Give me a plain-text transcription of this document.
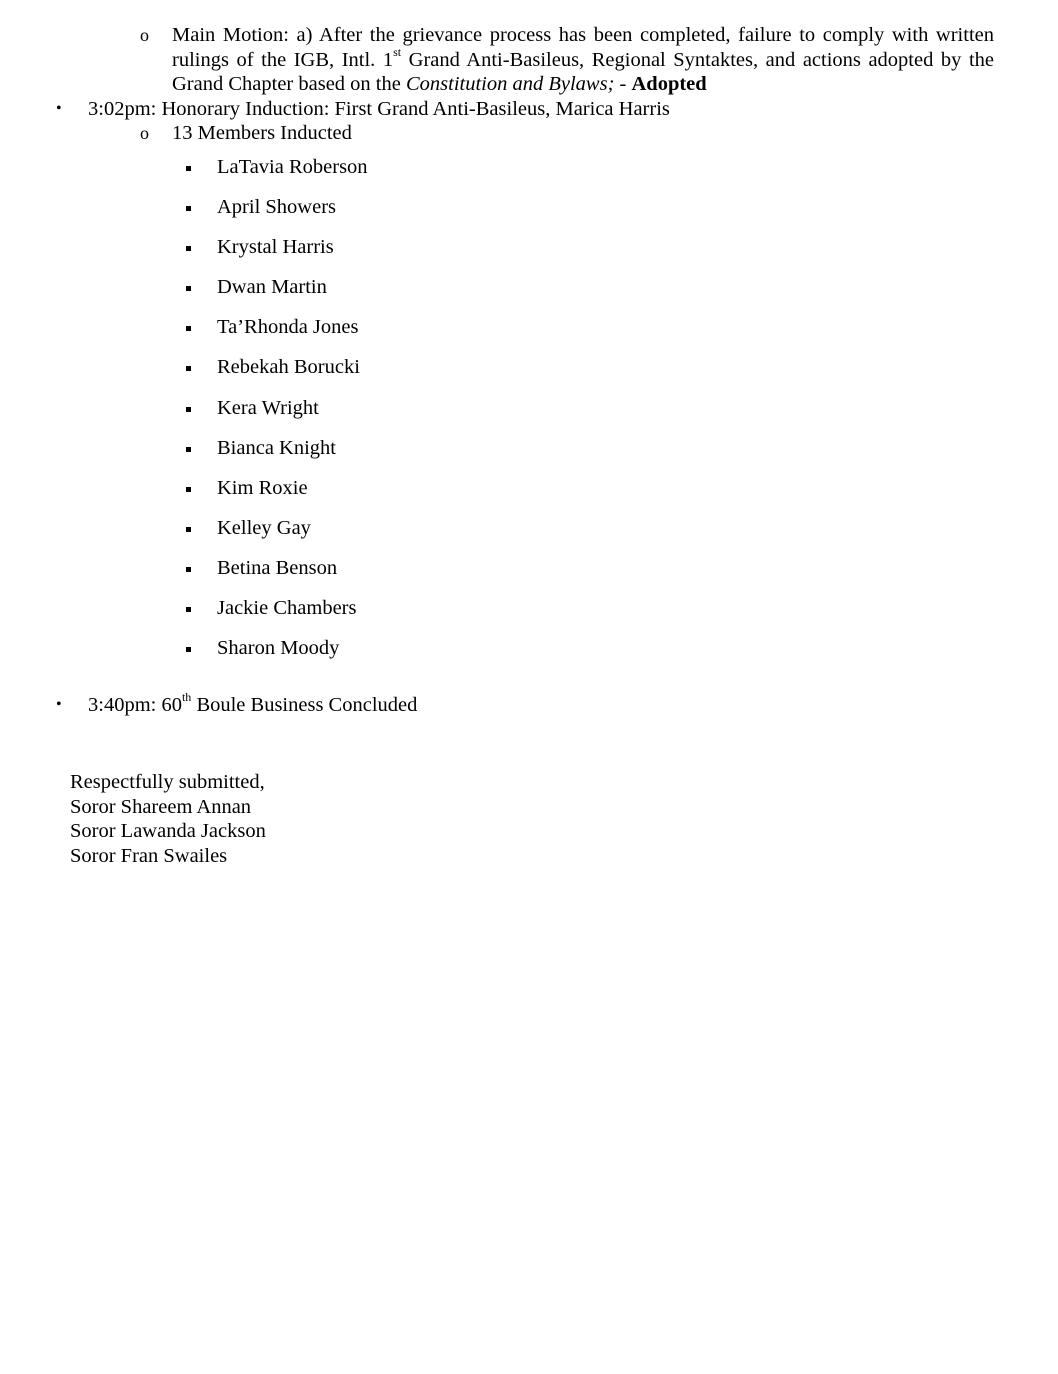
o Main Motion: a) After the grievance process has been completed, failure to comply with written rulings of the IGB, Intl. 1st Grand Anti-Basileus, Regional Syntaktes, and actions adopted by the Grand Chapter based on the Constitution and Bylaws; - Adopted
• 3:02pm: Honorary Induction: First Grand Anti-Basileus, Marica Harris
o 13 Members Inducted
LaTavia Roberson
April Showers
Krystal Harris
Dwan Martin
Ta’Rhonda Jones
Rebekah Borucki
Kera Wright
Bianca Knight
Kim Roxie
Kelley Gay
Betina Benson
Jackie Chambers
Sharon Moody
• 3:40pm: 60th Boule Business Concluded
Respectfully submitted,
Soror Shareem Annan
Soror Lawanda Jackson
Soror Fran Swailes
